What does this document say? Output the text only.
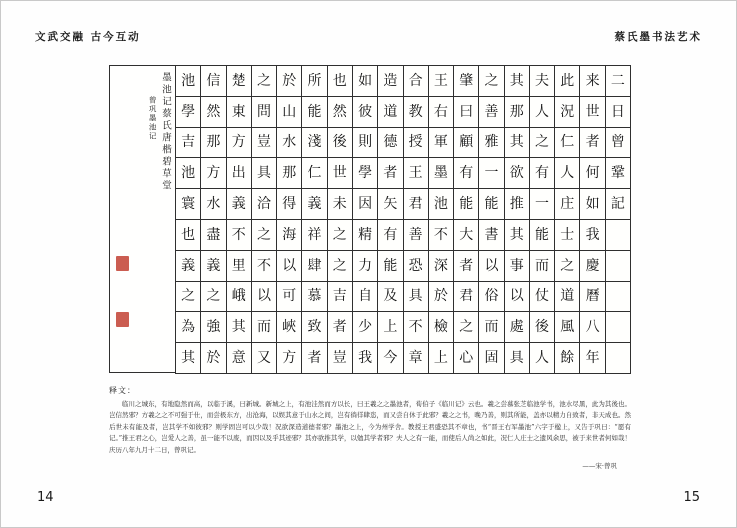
文武交融 古今互动	蔡氏墨书法艺术
墨池记蔡氏唐楷碧草堂
曾巩墨池记
池 信 楚 之 於 所 也 如 造 合 王 肇 之 其 夫 此 来 二
學 然 東 問 山 能 然 彼 道 教 右 曰 善 那 人 況 世 日
吉 那 方 豈 水 淺 後 則 德 授 軍 顧 雅 其 之 仁 者 曾
池 方 出 具 那 仁 世 學 者 王 墨 有 一 欲 有 人 何 鞏
寰 水 義 洽 得 義 未 因 矢 君 池 能 能 推 一 庄 如 記
也 盡 不 之 海 祥 之 精 有 善 不 大 書 其 能 士 我
義 義 里 不 以 肆 之 力 能 恐 深 者 以 事 而 之 慶
之 之 峨 以 可 慕 吉 自 及 具 於 君 俗 以 仗 道 曆
為 強 其 而 峽 致 者 少 上 不 檢 之 而 處 後 風 八
其 於 意 又 方 者 豈 我 今 章 上 心 固 具 人 餘 年
释文：
临川之城东，有地隐然而高，以临于溪，曰新城。新城之上，有池洼然而方以长，曰王羲之之墨池者，荀伯子《临川记》云也。羲之尝慕张芝临池学书，池水尽黑，此为其後也。岂信然邪？方羲之之不可强于仕，而尝极东方，出沧海，以娱其意于山水之间，岂有徜徉肆恣，而又尝自休于此邪？羲之之书，晚乃善，则其所能，盖亦以精力自致者，非天成也。然后世未有能及者，岂其学不如彼邪？则学固岂可以少哉！况欲深造道德者邪？墨池之上，今为州学舍。教授王君盛恐其不章也，书“晋王右军墨池”六字于楹上，又告于巩曰：“愿有记。”推王君之心，岂爱人之善，虽一能不以废，而因以及乎其迹邪？其亦欲推其学，以勉其学者邪？夫人之有一能，而使后人尚之如此，况仁人庄士之遗风余思，被于来世者何如哉！庆历八年九月十二日，曾巩记。
——宋·曾巩
14	15
